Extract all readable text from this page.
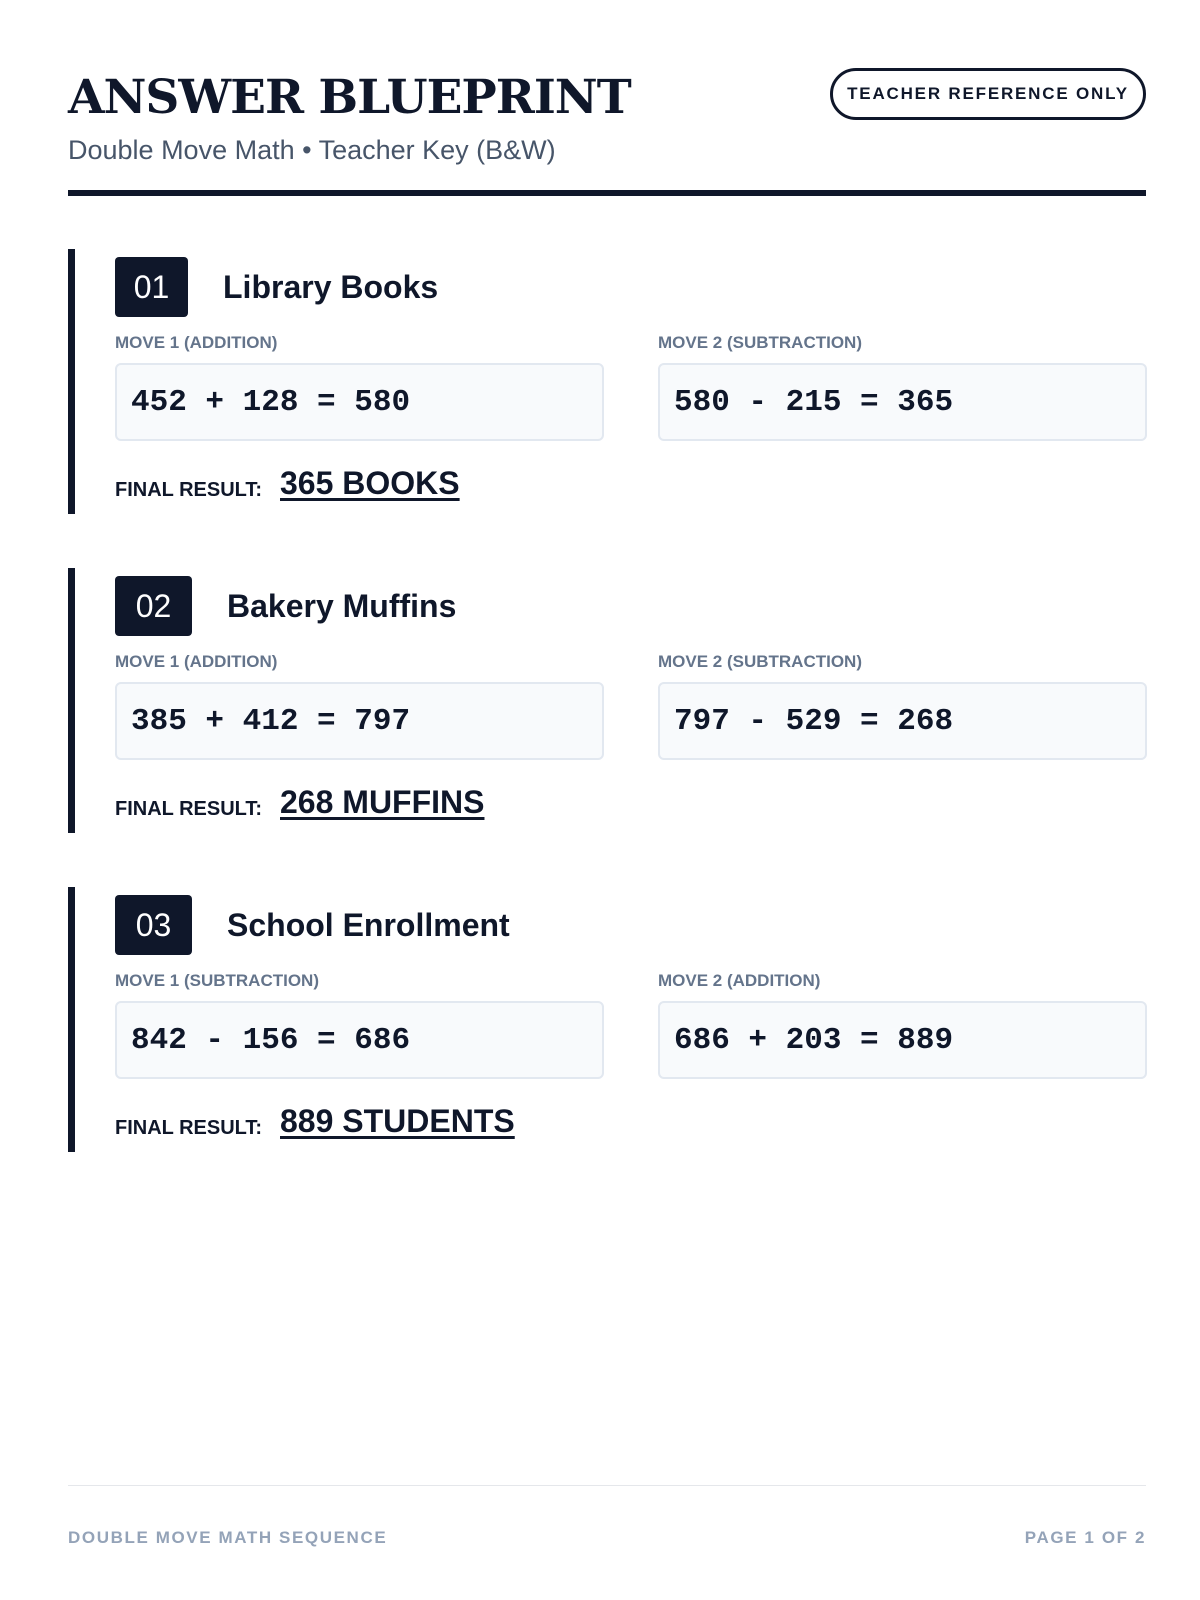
ANSWER BLUEPRINT
Double Move Math • Teacher Key (B&W)
TEACHER REFERENCE ONLY
01	Library Books
MOVE 1 (ADDITION)	MOVE 2 (SUBTRACTION)
452 + 128 = 580	580 - 215 = 365
FINAL RESULT: 365 BOOKS
02	Bakery Muffins
MOVE 1 (ADDITION)	MOVE 2 (SUBTRACTION)
385 + 412 = 797	797 - 529 = 268
FINAL RESULT: 268 MUFFINS
03	School Enrollment
MOVE 1 (SUBTRACTION)	MOVE 2 (ADDITION)
842 - 156 = 686	686 + 203 = 889
FINAL RESULT: 889 STUDENTS
DOUBLE MOVE MATH SEQUENCE	PAGE 1 OF 2
